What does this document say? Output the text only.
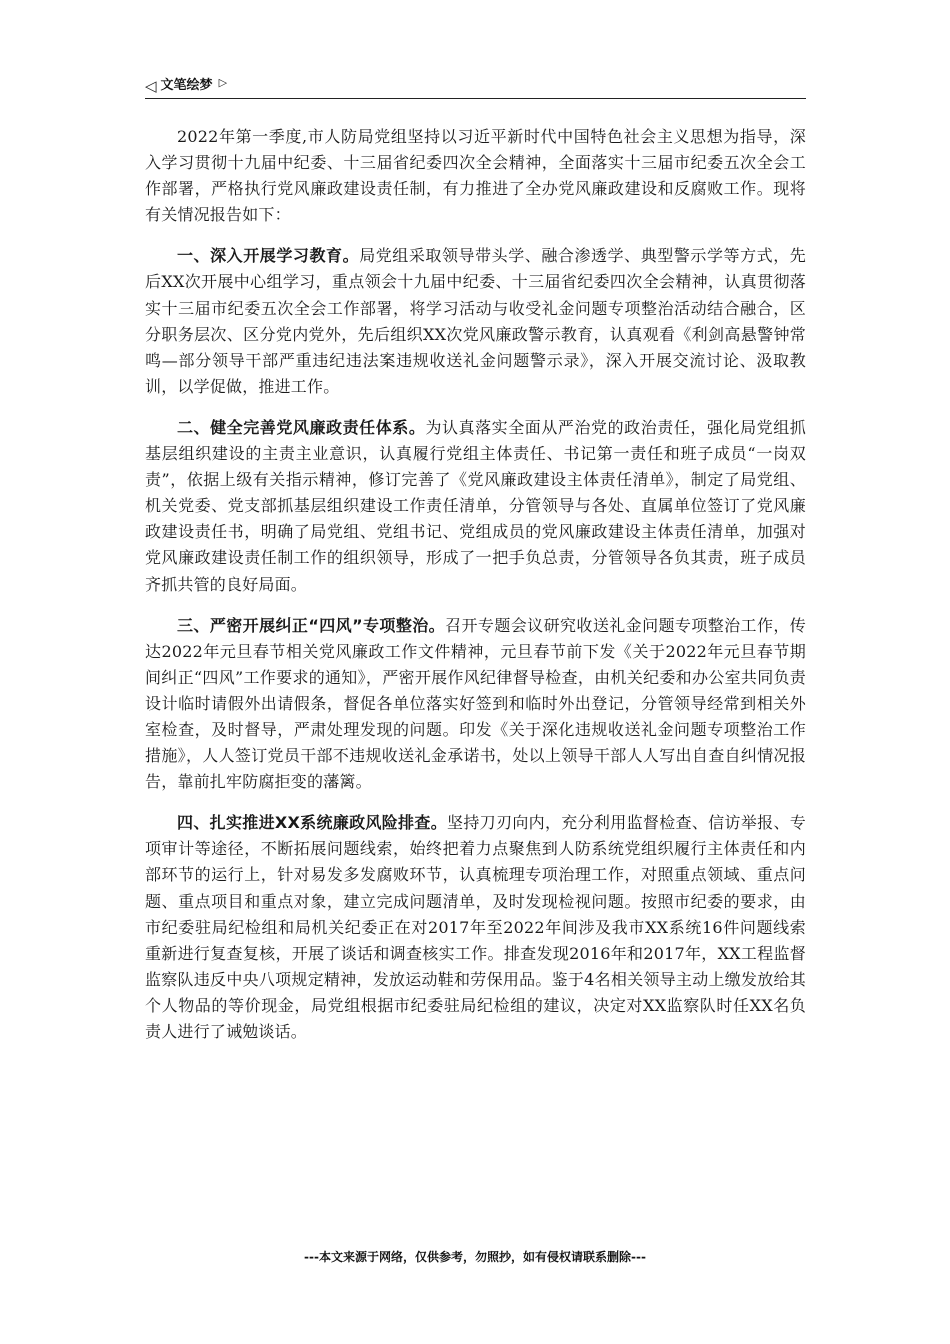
◁ 文笔绘梦 ▷

2022年第一季度,市人防局党组坚持以习近平新时代中国特色社会主义思想为指导，深入学习贯彻十九届中纪委、十三届省纪委四次全会精神，全面落实十三届市纪委五次全会工作部署，严格执行党风廉政建设责任制，有力推进了全办党风廉政建设和反腐败工作。现将有关情况报告如下：

一、深入开展学习教育。局党组采取领导带头学、融合渗透学、典型警示学等方式，先后XX次开展中心组学习，重点领会十九届中纪委、十三届省纪委四次全会精神，认真贯彻落实十三届市纪委五次全会工作部署，将学习活动与收受礼金问题专项整治活动结合融合，区分职务层次、区分党内党外，先后组织XX次党风廉政警示教育，认真观看《利剑高悬警钟常鸣—部分领导干部严重违纪违法案违规收送礼金问题警示录》，深入开展交流讨论、汲取教训，以学促做，推进工作。

二、健全完善党风廉政责任体系。为认真落实全面从严治党的政治责任，强化局党组抓基层组织建设的主责主业意识，认真履行党组主体责任、书记第一责任和班子成员“一岗双责”，依据上级有关指示精神，修订完善了《党风廉政建设主体责任清单》，制定了局党组、机关党委、党支部抓基层组织建设工作责任清单，分管领导与各处、直属单位签订了党风廉政建设责任书，明确了局党组、党组书记、党组成员的党风廉政建设主体责任清单，加强对党风廉政建设责任制工作的组织领导，形成了一把手负总责，分管领导各负其责，班子成员齐抓共管的良好局面。

三、严密开展纠正“四风”专项整治。召开专题会议研究收送礼金问题专项整治工作，传达2022年元旦春节相关党风廉政工作文件精神，元旦春节前下发《关于2022年元旦春节期间纠正“四风”工作要求的通知》，严密开展作风纪律督导检查，由机关纪委和办公室共同负责设计临时请假外出请假条，督促各单位落实好签到和临时外出登记，分管领导经常到相关外室检查，及时督导，严肃处理发现的问题。印发《关于深化违规收送礼金问题专项整治工作措施》，人人签订党员干部不违规收送礼金承诺书，处以上领导干部人人写出自查自纠情况报告，靠前扎牢防腐拒变的藩篱。

四、扎实推进XX系统廉政风险排查。坚持刀刃向内，充分利用监督检查、信访举报、专项审计等途径，不断拓展问题线索，始终把着力点聚焦到人防系统党组织履行主体责任和内部环节的运行上，针对易发多发腐败环节，认真梳理专项治理工作，对照重点领域、重点问题、重点项目和重点对象，建立完成问题清单，及时发现检视问题。按照市纪委的要求，由市纪委驻局纪检组和局机关纪委正在对2017年至2022年间涉及我市XX系统16件问题线索重新进行复查复核，开展了谈话和调查核实工作。排查发现2016年和2017年，XX工程监督监察队违反中央八项规定精神，发放运动鞋和劳保用品。鉴于4名相关领导主动上缴发放给其个人物品的等价现金，局党组根据市纪委驻局纪检组的建议，决定对XX监察队时任XX名负责人进行了诫勉谈话。

---本文来源于网络，仅供参考，勿照抄，如有侵权请联系删除---
